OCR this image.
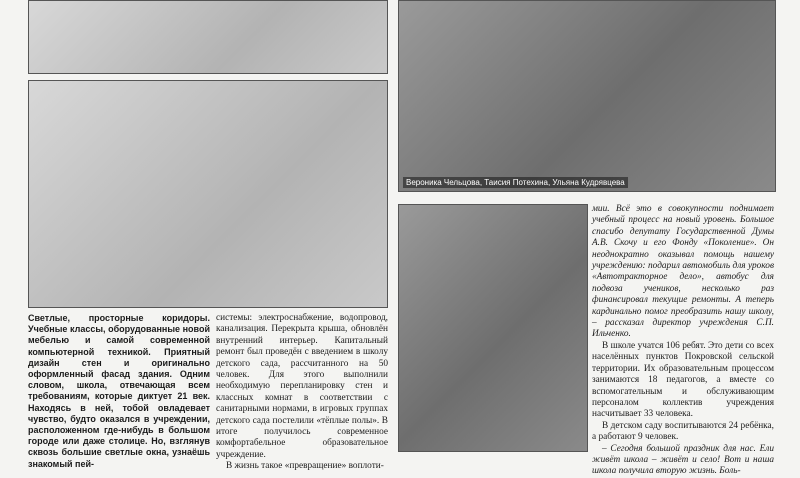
Вероника Чельцова, Таисия Потехина, Ульяна Кудрявцева

Светлые, просторные коридоры. Учебные классы, оборудованные новой мебелью и самой современной компьютерной техникой. Приятный дизайн стен и оригинально оформленный фасад здания. Одним словом, школа, отвечающая всем требованиям, которые диктует 21 век. Находясь в ней, тобой овладевает чувство, будто оказался в учреждении, расположенном где-нибудь в большом городе или даже столице. Но, взглянув сквозь большие светлые окна, узнаёшь знакомый пей-

системы: электроснабжение, водопровод, канализация. Перекрыта крыша, обновлён внутренний интерьер. Капитальный ремонт был проведён с введением в школу детского сада, рассчитанного на 50 человек. Для этого выполнили необходимую перепланировку стен и классных комнат в соответствии с санитарными нормами, в игровых группах детского сада постелили «тёплые полы». В итоге получилось современное комфортабельное образовательное учреждение.

В жизнь такое «превращение» воплоти-

мии. Всё это в совокупности поднимает учебный процесс на новый уровень. Большое спасибо депутату Государственной Думы А.В. Скочу и его Фонду «Поколение». Он неоднократно оказывал помощь нашему учреждению: подарил автомобиль для уроков «Автотракторное дело», автобус для подвоза учеников, несколько раз финансировал текущие ремонты. А теперь кардинально помог преобразить нашу школу, – рассказал директор учреждения С.П. Ильченко.

В школе учатся 106 ребят. Это дети со всех населённых пунктов Покровской сельской территории. Их образовательным процессом занимаются 18 педагогов, а вместе со вспомогательным и обслуживающим персоналом коллектив учреждения насчитывает 33 человека.

В детском саду воспитываются 24 ребёнка, а работают 9 человек.

– Сегодня большой праздник для нас. Ели живёт школа – живёт и село! Вот и наша школа получила вторую жизнь. Боль-
